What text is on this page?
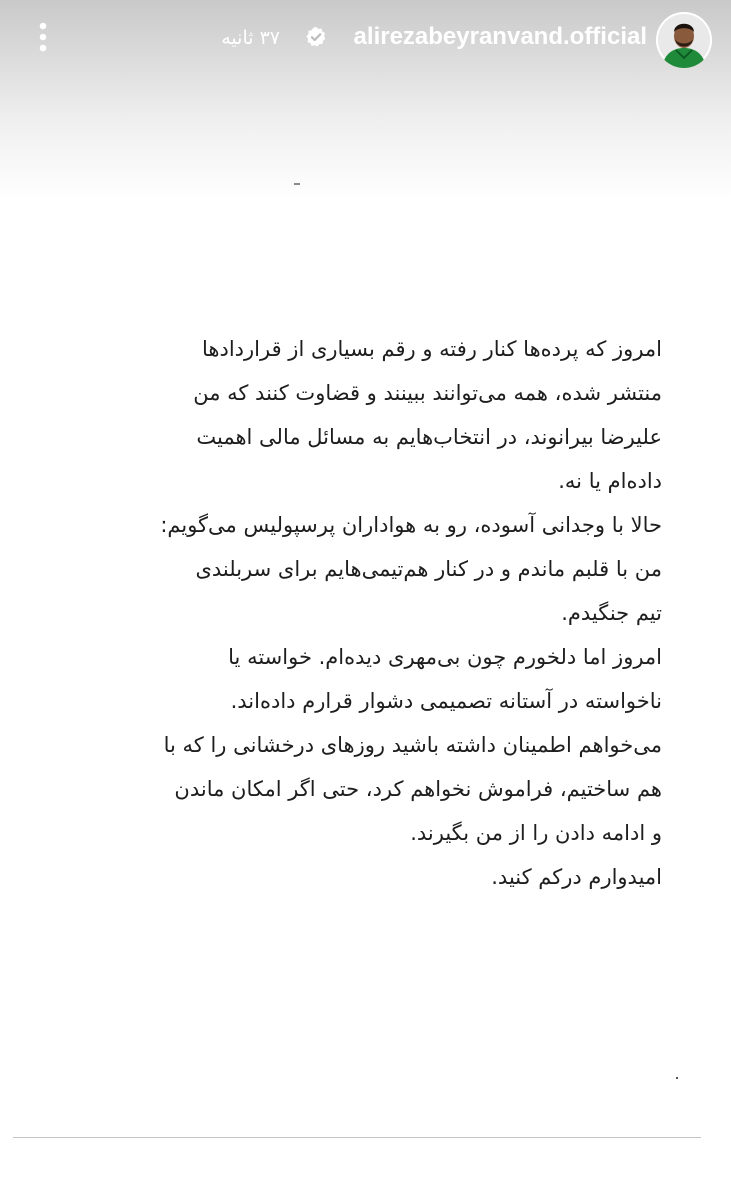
۳۷ ثانیه	alirezabeyranvand.official
امروز که پرده‌ها کنار رفته و رقم بسیاری از قراردادها
منتشر شده، همه می‌توانند ببینند و قضاوت کنند که من
علیرضا بیرانوند، در انتخاب‌هایم به مسائل مالی اهمیت
داده‌ام یا نه.
حالا با وجدانی آسوده، رو به هواداران پرسپولیس می‌گویم:
من با قلبم ماندم و در کنار هم‌تیمی‌هایم برای سربلندی
تیم جنگیدم.
امروز اما دلخورم چون بی‌مهری دیده‌ام. خواسته یا
ناخواسته در آستانه تصمیمی دشوار قرارم داده‌اند.
می‌خواهم اطمینان داشته باشید روزهای درخشانی را که با
هم ساختیم، فراموش نخواهم کرد، حتی اگر امکان ماندن
و ادامه دادن را از من بگیرند.
امیدوارم درکم کنید.
